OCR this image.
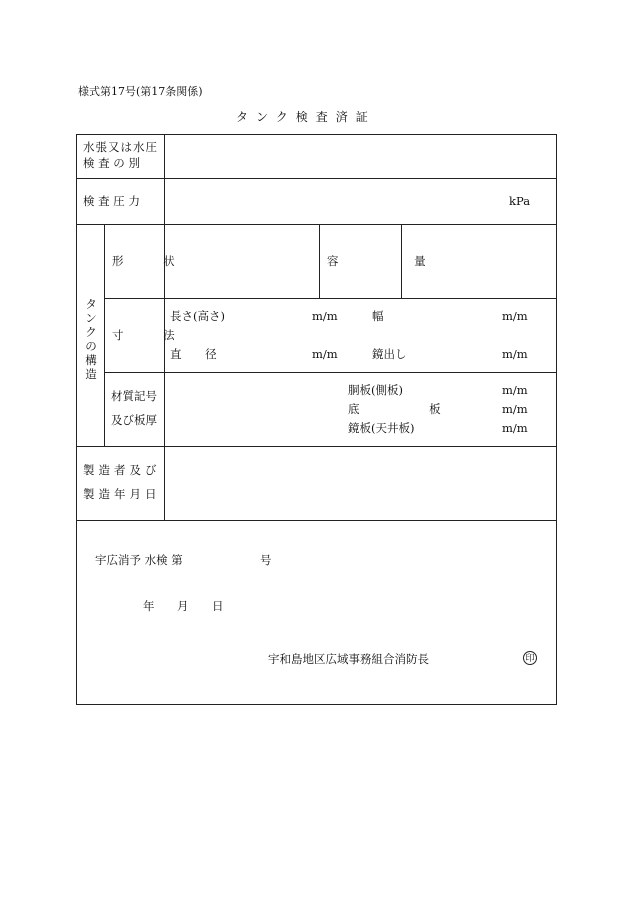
様式第17号(第17条関係)
タンク検査済証
水張又は水圧
検 査 の 別
検 査 圧 力	kPa
タ
ン
ク
の
構
造
形 状	容 量
寸 法
長さ(高さ)	m/m	幅	m/m
直 径	m/m	鏡出し	m/m
材質記号
及び板厚
胴板(側板)	m/m
底 板 m/m
鏡板(天井板)	m/m
製造者及び
製造年月日
宇広消予 水検 第	号
年 月 日
宇和島地区広域事務組合消防長	印
